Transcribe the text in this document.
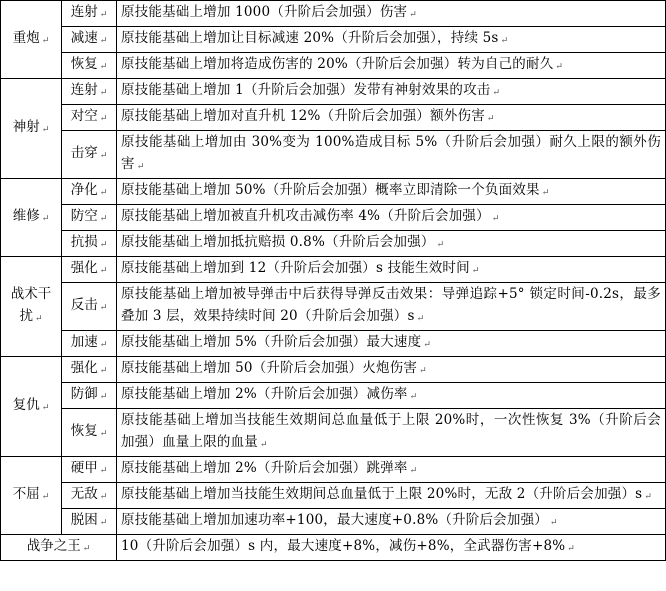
重炮 ↵	连射 ↵	原技能基础上增加 1000（升阶后会加强）伤害 ↵
	减速 ↵	原技能基础上增加让目标减速 20%（升阶后会加强），持续 5s ↵
	恢复 ↵	原技能基础上增加将造成伤害的 20%（升阶后会加强）转为自己的耐久 ↵
神射 ↵	连射 ↵	原技能基础上增加 1（升阶后会加强）发带有神射效果的攻击 ↵
	对空 ↵	原技能基础上增加对直升机 12%（升阶后会加强）额外伤害 ↵
	击穿 ↵	原技能基础上增加由 30%变为 100%造成目标 5%（升阶后会加强）耐久上限的额外伤害 ↵
维修 ↵	净化 ↵	原技能基础上增加 50%（升阶后会加强）概率立即清除一个负面效果 ↵
	防空 ↵	原技能基础上增加被直升机攻击减伤率 4%（升阶后会加强） ↵
	抗损 ↵	原技能基础上增加抵抗赔损 0.8%（升阶后会加强） ↵
战术干扰 ↵	强化 ↵	原技能基础上增加到 12（升阶后会加强）s 技能生效时间 ↵
	反击 ↵	原技能基础上增加被导弹击中后获得导弹反击效果：导弹追踪+5° 锁定时间-0.2s，最多叠加 3 层，效果持续时间 20（升阶后会加强）s ↵
	加速 ↵	原技能基础上增加 5%（升阶后会加强）最大速度 ↵
复仇 ↵	强化 ↵	原技能基础上增加 50（升阶后会加强）火炮伤害 ↵
	防御 ↵	原技能基础上增加 2%（升阶后会加强）减伤率 ↵
	恢复 ↵	原技能基础上增加当技能生效期间总血量低于上限 20%时，一次性恢复 3%（升阶后会加强）血量上限的血量 ↵
不屈 ↵	硬甲 ↵	原技能基础上增加 2%（升阶后会加强）跳弹率 ↵
	无敌 ↵	原技能基础上增加当技能生效期间总血量低于上限 20%时，无敌 2（升阶后会加强）s ↵
	脱困 ↵	原技能基础上增加加速功率+100，最大速度+0.8%（升阶后会加强） ↵
战争之王 ↵		10（升阶后会加强）s 内，最大速度+8%，减伤+8%，全武器伤害+8% ↵
